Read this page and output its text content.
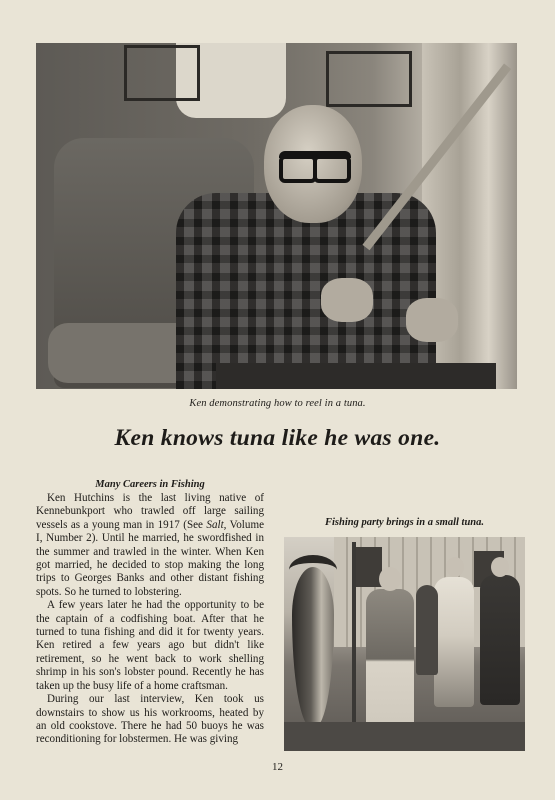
Ken demonstrating how to reel in a tuna.
Ken knows tuna like he was one.
Many Careers in Fishing

Ken Hutchins is the last living native of Kennebunkport who trawled off large sailing vessels as a young man in 1917 (See Salt, Volume I, Number 2). Until he married, he swordfished in the summer and trawled in the winter. When Ken got married, he decided to stop making the long trips to Georges Banks and other distant fishing spots. So he turned to lobstering.

A few years later he had the opportunity to be the captain of a codfishing boat. After that he turned to tuna fishing and did it for twenty years. Ken retired a few years ago but didn't like retirement, so he went back to work shelling shrimp in his son's lobster pound. Recently he has taken up the busy life of a home craftsman.

During our last interview, Ken took us downstairs to show us his workrooms, heated by an old cookstove. There he had 50 buoys he was reconditioning for lobstermen. He was giving

Fishing party brings in a small tuna.
12
